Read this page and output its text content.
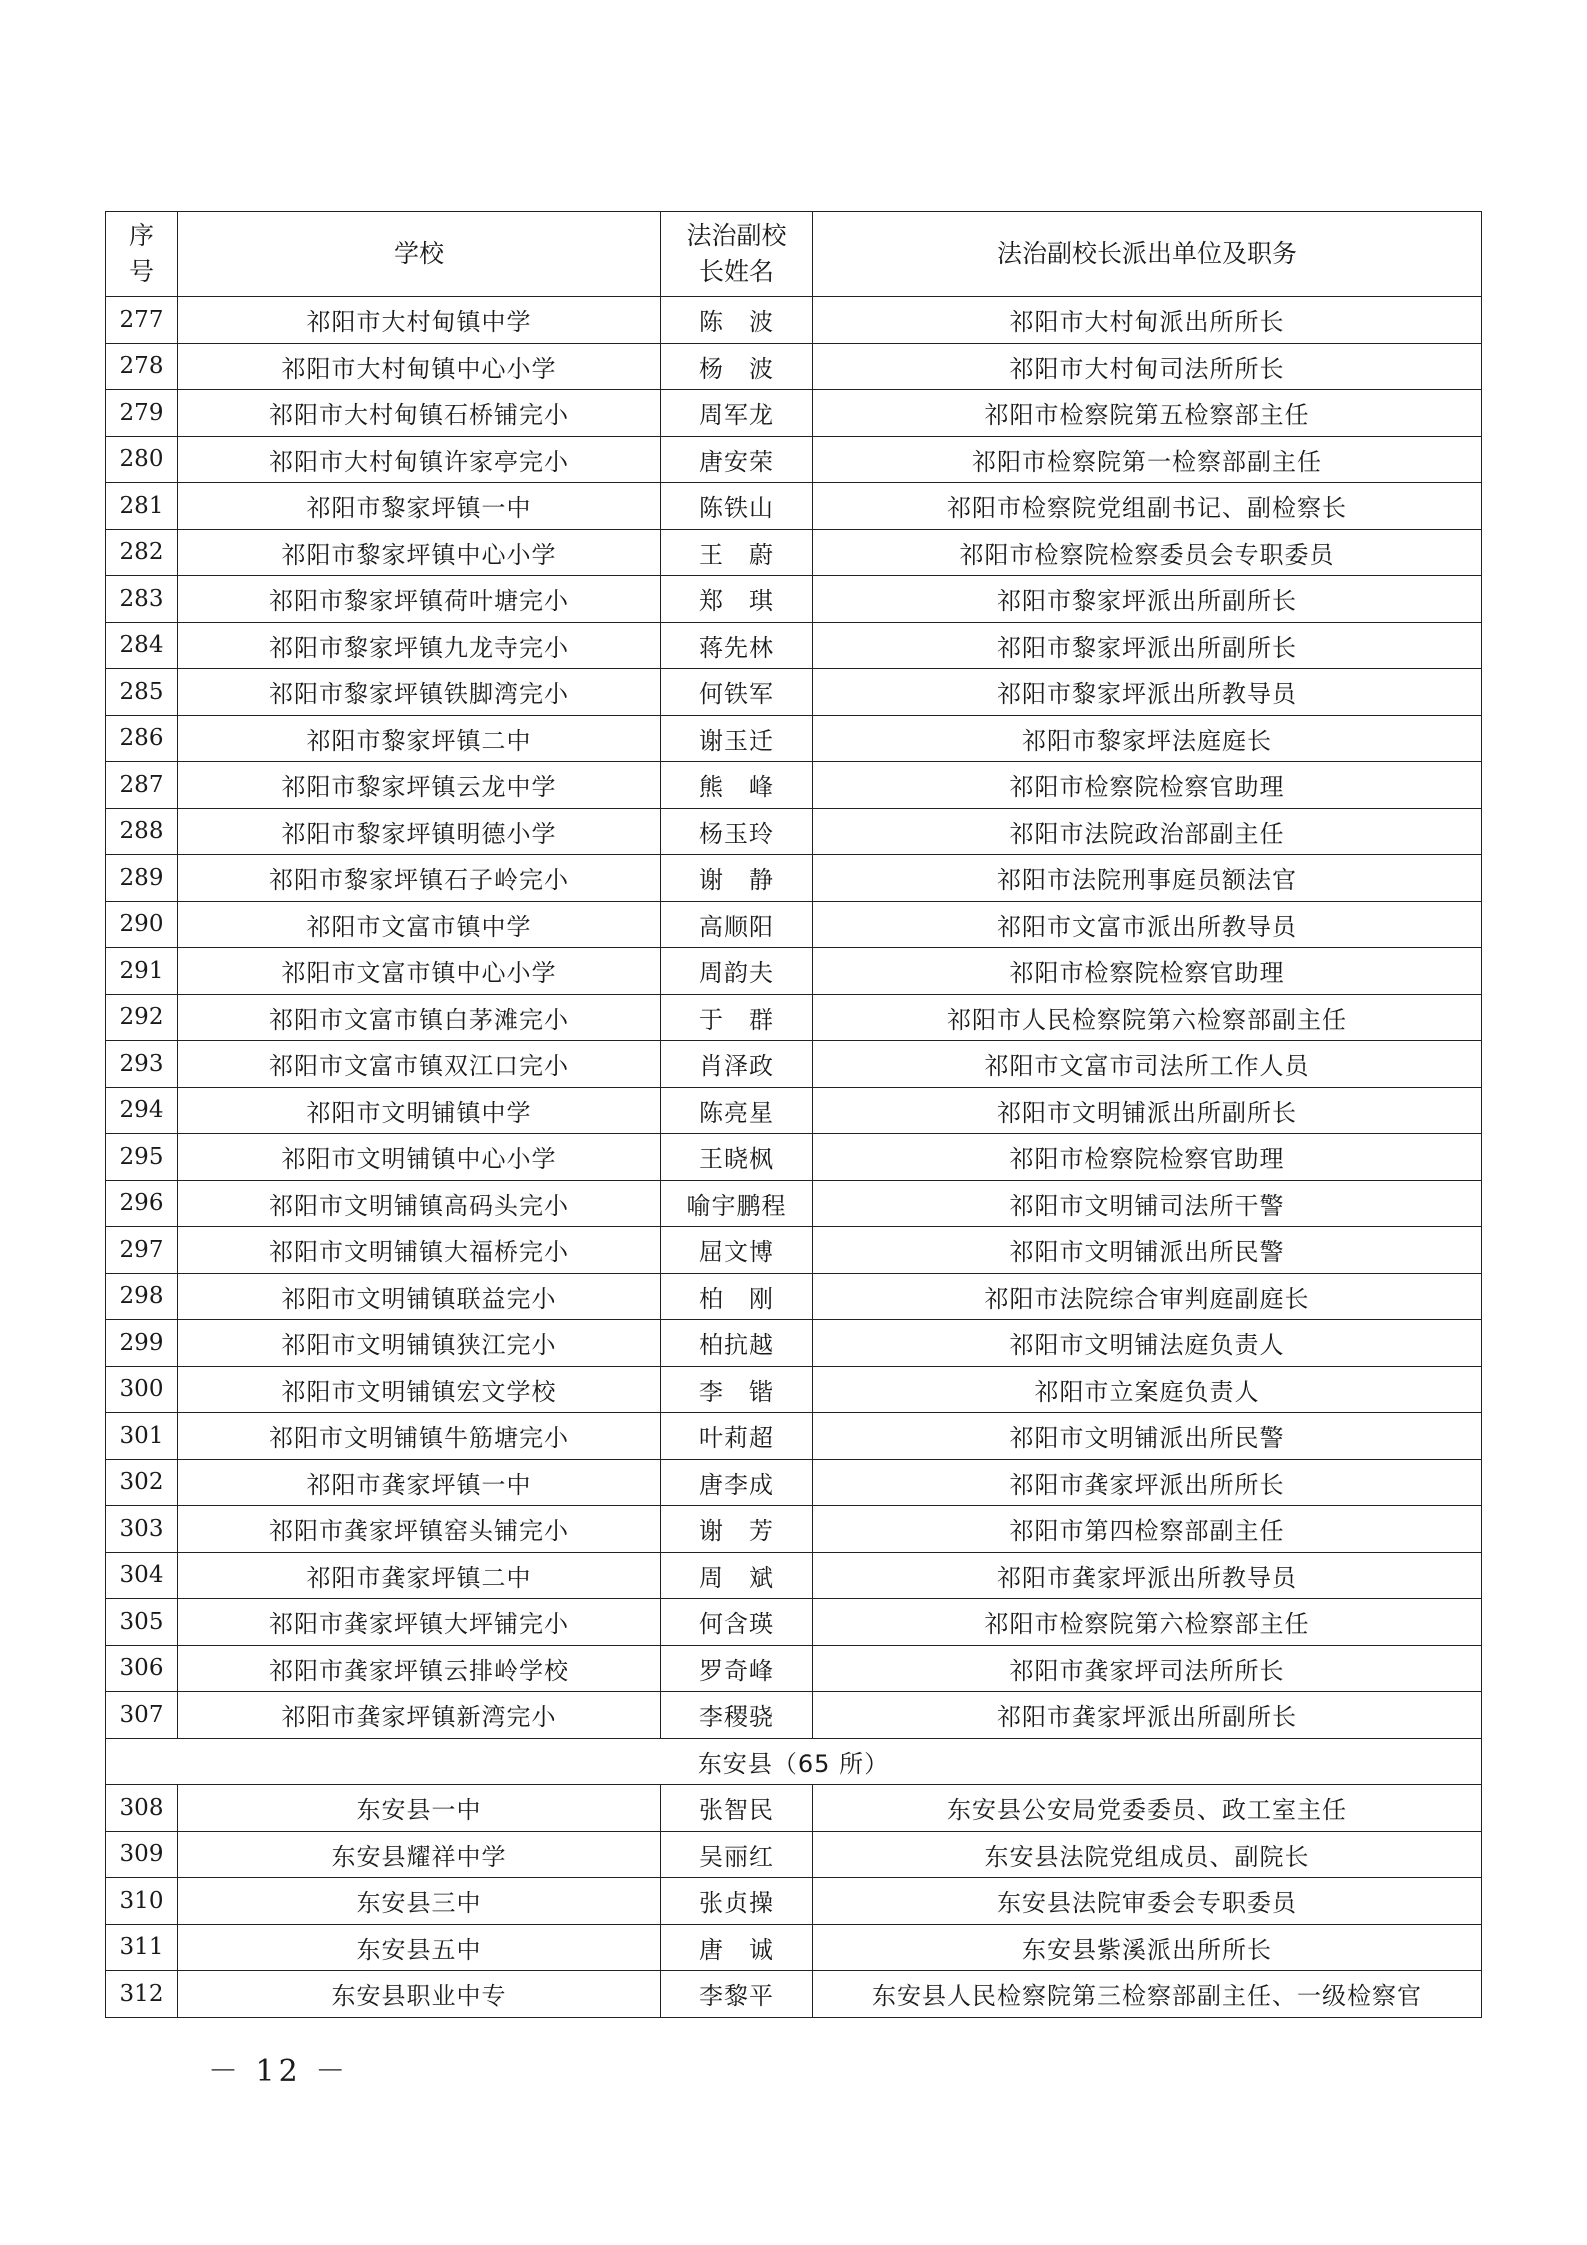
序号	学校	法治副校长姓名	法治副校长派出单位及职务
277	祁阳市大村甸镇中学	陈　波	祁阳市大村甸派出所所长
278	祁阳市大村甸镇中心小学	杨　波	祁阳市大村甸司法所所长
279	祁阳市大村甸镇石桥铺完小	周军龙	祁阳市检察院第五检察部主任
280	祁阳市大村甸镇许家亭完小	唐安荣	祁阳市检察院第一检察部副主任
281	祁阳市黎家坪镇一中	陈铁山	祁阳市检察院党组副书记、副检察长
282	祁阳市黎家坪镇中心小学	王　蔚	祁阳市检察院检察委员会专职委员
283	祁阳市黎家坪镇荷叶塘完小	郑　琪	祁阳市黎家坪派出所副所长
284	祁阳市黎家坪镇九龙寺完小	蒋先林	祁阳市黎家坪派出所副所长
285	祁阳市黎家坪镇铁脚湾完小	何铁军	祁阳市黎家坪派出所教导员
286	祁阳市黎家坪镇二中	谢玉迁	祁阳市黎家坪法庭庭长
287	祁阳市黎家坪镇云龙中学	熊　峰	祁阳市检察院检察官助理
288	祁阳市黎家坪镇明德小学	杨玉玲	祁阳市法院政治部副主任
289	祁阳市黎家坪镇石子岭完小	谢　静	祁阳市法院刑事庭员额法官
290	祁阳市文富市镇中学	高顺阳	祁阳市文富市派出所教导员
291	祁阳市文富市镇中心小学	周韵夫	祁阳市检察院检察官助理
292	祁阳市文富市镇白茅滩完小	于　群	祁阳市人民检察院第六检察部副主任
293	祁阳市文富市镇双江口完小	肖泽政	祁阳市文富市司法所工作人员
294	祁阳市文明铺镇中学	陈亮星	祁阳市文明铺派出所副所长
295	祁阳市文明铺镇中心小学	王晓枫	祁阳市检察院检察官助理
296	祁阳市文明铺镇高码头完小	喻宇鹏程	祁阳市文明铺司法所干警
297	祁阳市文明铺镇大福桥完小	屈文博	祁阳市文明铺派出所民警
298	祁阳市文明铺镇联益完小	柏　刚	祁阳市法院综合审判庭副庭长
299	祁阳市文明铺镇狭江完小	柏抗越	祁阳市文明铺法庭负责人
300	祁阳市文明铺镇宏文学校	李　锴	祁阳市立案庭负责人
301	祁阳市文明铺镇牛筋塘完小	叶莉超	祁阳市文明铺派出所民警
302	祁阳市龚家坪镇一中	唐李成	祁阳市龚家坪派出所所长
303	祁阳市龚家坪镇窑头铺完小	谢　芳	祁阳市第四检察部副主任
304	祁阳市龚家坪镇二中	周　斌	祁阳市龚家坪派出所教导员
305	祁阳市龚家坪镇大坪铺完小	何含瑛	祁阳市检察院第六检察部主任
306	祁阳市龚家坪镇云排岭学校	罗奇峰	祁阳市龚家坪司法所所长
307	祁阳市龚家坪镇新湾完小	李稷骁	祁阳市龚家坪派出所副所长
东安县（65 所）			
308	东安县一中	张智民	东安县公安局党委委员、政工室主任
309	东安县耀祥中学	吴丽红	东安县法院党组成员、副院长
310	东安县三中	张贞操	东安县法院审委会专职委员
311	东安县五中	唐　诚	东安县紫溪派出所所长
312	东安县职业中专	李黎平	东安县人民检察院第三检察部副主任、一级检察官
－ 12 －
